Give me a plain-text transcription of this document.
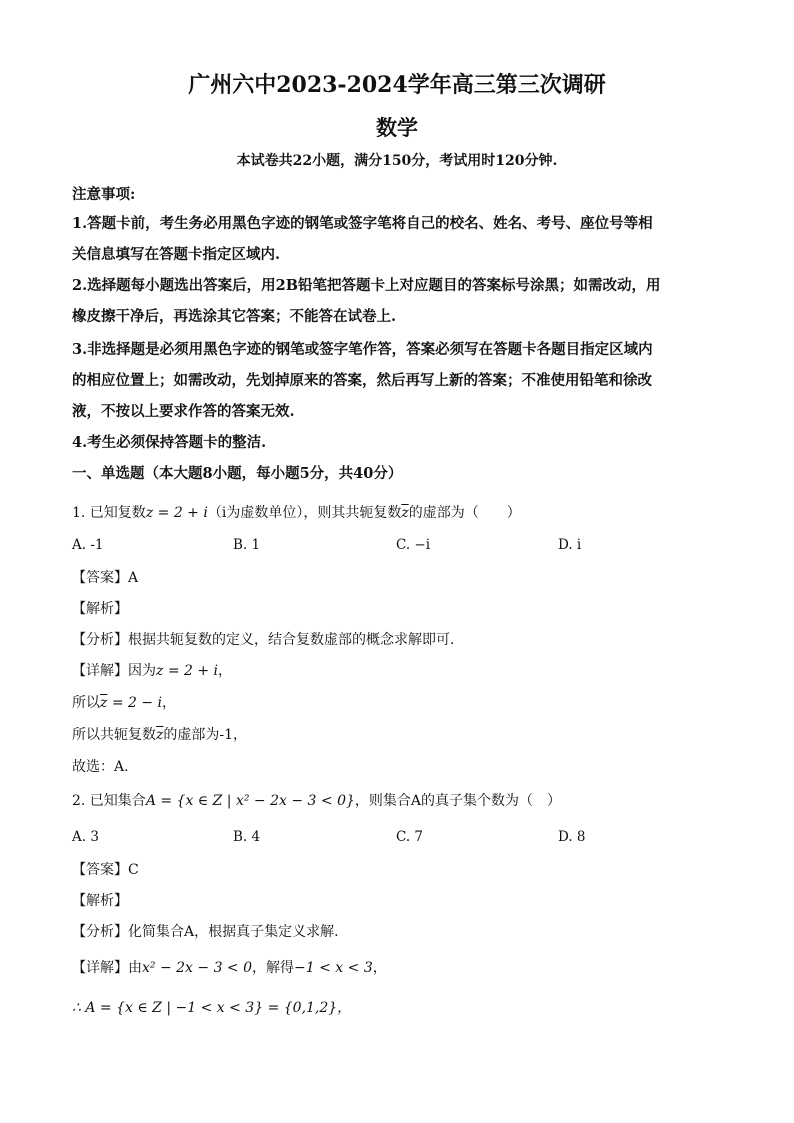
广州六中2023-2024学年高三第三次调研
数学
本试卷共22小题，满分150分，考试用时120分钟.
注意事项:
1.答题卡前，考生务必用黑色字迹的钢笔或签字笔将自己的校名、姓名、考号、座位号等相
关信息填写在答题卡指定区域内.
2.选择题每小题选出答案后，用2B铅笔把答题卡上对应题目的答案标号涂黑；如需改动，用
橡皮擦干净后，再选涂其它答案；不能答在试卷上.
3.非选择题是必须用黑色字迹的钢笔或签字笔作答，答案必须写在答题卡各题目指定区域内
的相应位置上；如需改动，先划掉原来的答案，然后再写上新的答案；不准使用铅笔和徐改
液，不按以上要求作答的答案无效.
4.考生必须保持答题卡的整洁.
一、单选题（本大题8小题，每小题5分，共40分）
1. 已知复数z = 2 + i（i为虚数单位），则其共轭复数$\overline{z}$的虚部为（　　）
A. -1	B. 1	C. −i	D. i
【答案】A
【解析】
【分析】根据共轭复数的定义，结合复数虚部的概念求解即可.
【详解】因为z = 2 + i，
所以$\overline{z} = 2 - i$，
所以共轭复数$\overline{z}$的虚部为-1，
故选：A.
2. 已知集合A = {x ∈ Z | x² − 2x − 3 < 0}，则集合A的真子集个数为（　）
A. 3	B. 4	C. 7	D. 8
【答案】C
【解析】
【分析】化简集合A，根据真子集定义求解.
【详解】由x² − 2x − 3 < 0，解得−1 < x < 3，
∴ A = {x ∈ Z | −1 < x < 3} = {0,1,2}，
